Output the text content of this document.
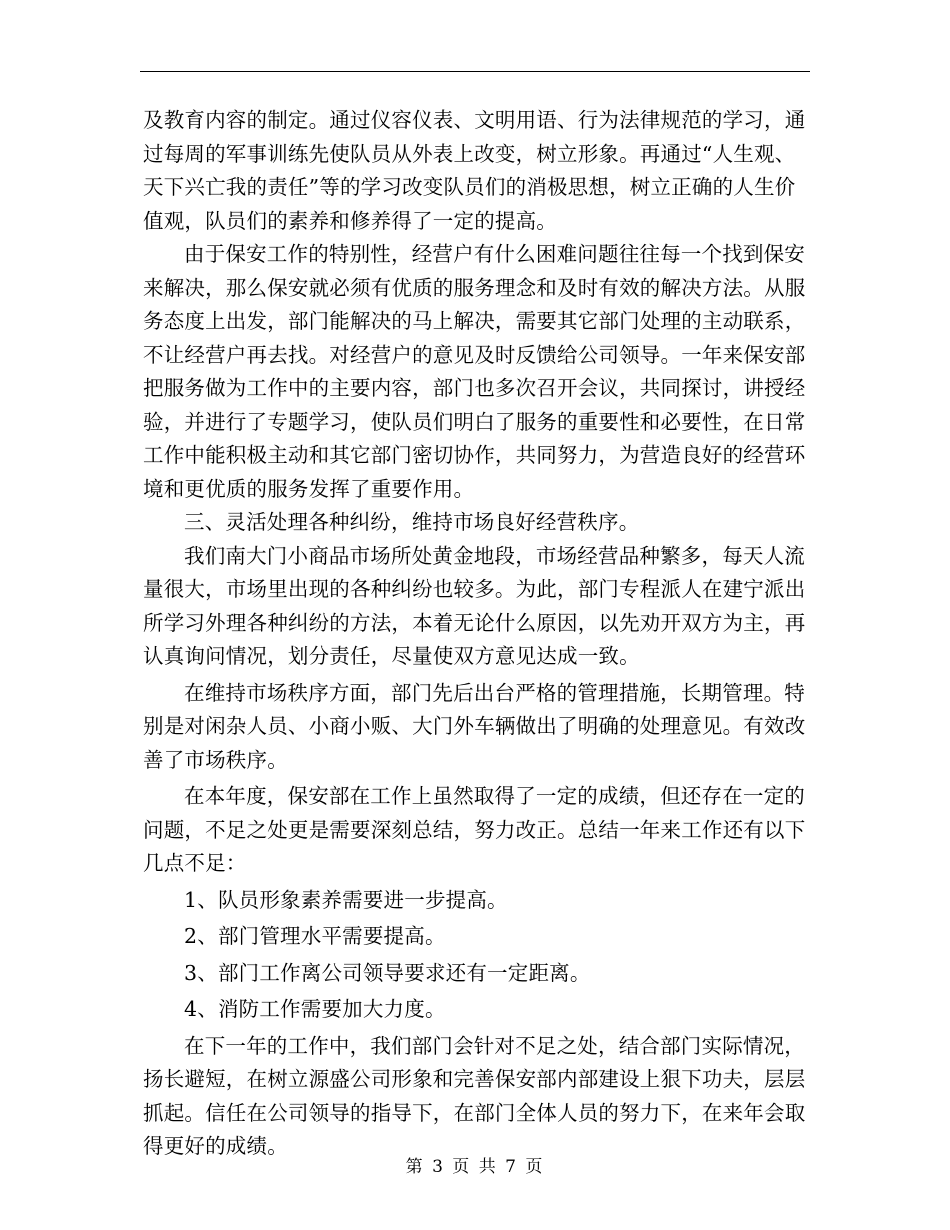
及教育内容的制定。通过仪容仪表、文明用语、行为法律规范的学习，通过每周的军事训练先使队员从外表上改变，树立形象。再通过“人生观、天下兴亡我的责任”等的学习改变队员们的消极思想，树立正确的人生价值观，队员们的素养和修养得了一定的提高。

由于保安工作的特别性，经营户有什么困难问题往往每一个找到保安来解决，那么保安就必须有优质的服务理念和及时有效的解决方法。从服务态度上出发，部门能解决的马上解决，需要其它部门处理的主动联系，不让经营户再去找。对经营户的意见及时反馈给公司领导。一年来保安部把服务做为工作中的主要内容，部门也多次召开会议，共同探讨，讲授经验，并进行了专题学习，使队员们明白了服务的重要性和必要性，在日常工作中能积极主动和其它部门密切协作，共同努力，为营造良好的经营环境和更优质的服务发挥了重要作用。

三、灵活处理各种纠纷，维持市场良好经营秩序。

我们南大门小商品市场所处黄金地段，市场经营品种繁多，每天人流量很大，市场里出现的各种纠纷也较多。为此，部门专程派人在建宁派出所学习外理各种纠纷的方法，本着无论什么原因，以先劝开双方为主，再认真询问情况，划分责任，尽量使双方意见达成一致。

在维持市场秩序方面，部门先后出台严格的管理措施，长期管理。特别是对闲杂人员、小商小贩、大门外车辆做出了明确的处理意见。有效改善了市场秩序。

在本年度，保安部在工作上虽然取得了一定的成绩，但还存在一定的问题，不足之处更是需要深刻总结，努力改正。总结一年来工作还有以下几点不足：

1、队员形象素养需要进一步提高。

2、部门管理水平需要提高。

3、部门工作离公司领导要求还有一定距离。

4、消防工作需要加大力度。

在下一年的工作中，我们部门会针对不足之处，结合部门实际情况，扬长避短，在树立源盛公司形象和完善保安部内部建设上狠下功夫，层层抓起。信任在公司领导的指导下，在部门全体人员的努力下，在来年会取得更好的成绩。

第 3 页 共 7 页
